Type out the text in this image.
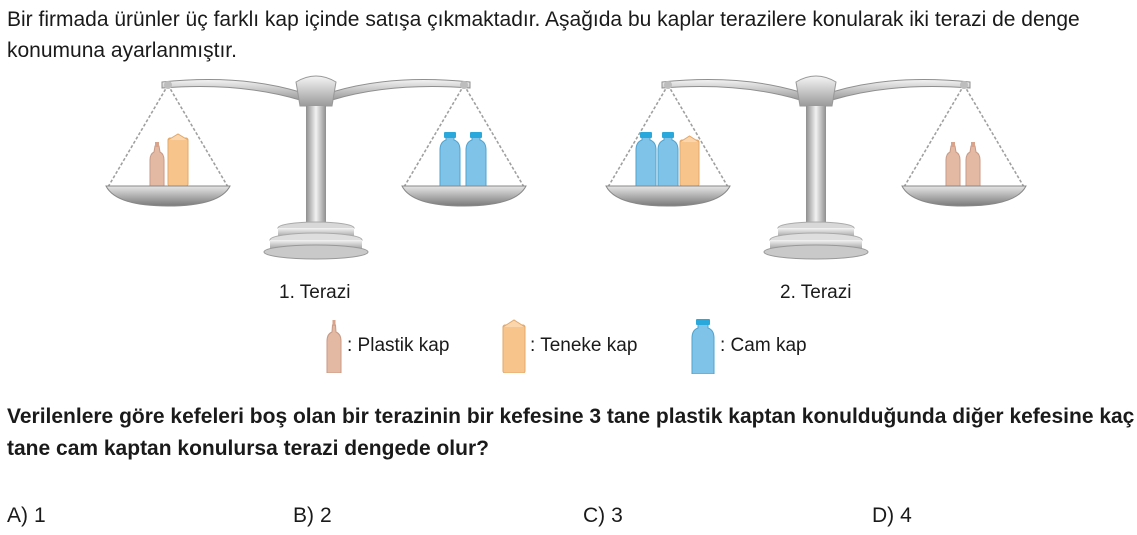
Bir firmada ürünler üç farklı kap içinde satışa çıkmaktadır. Aşağıda bu kaplar terazilere konularak iki terazi de denge konumuna ayarlanmıştır.

1. Terazi	2. Terazi
: Plastik kap	: Teneke kap	: Cam kap

Verilenlere göre kefeleri boş olan bir terazinin bir kefesine 3 tane plastik kaptan konulduğunda diğer kefesine kaç tane cam kaptan konulursa terazi dengede olur?

A) 1	B) 2	C) 3	D) 4
